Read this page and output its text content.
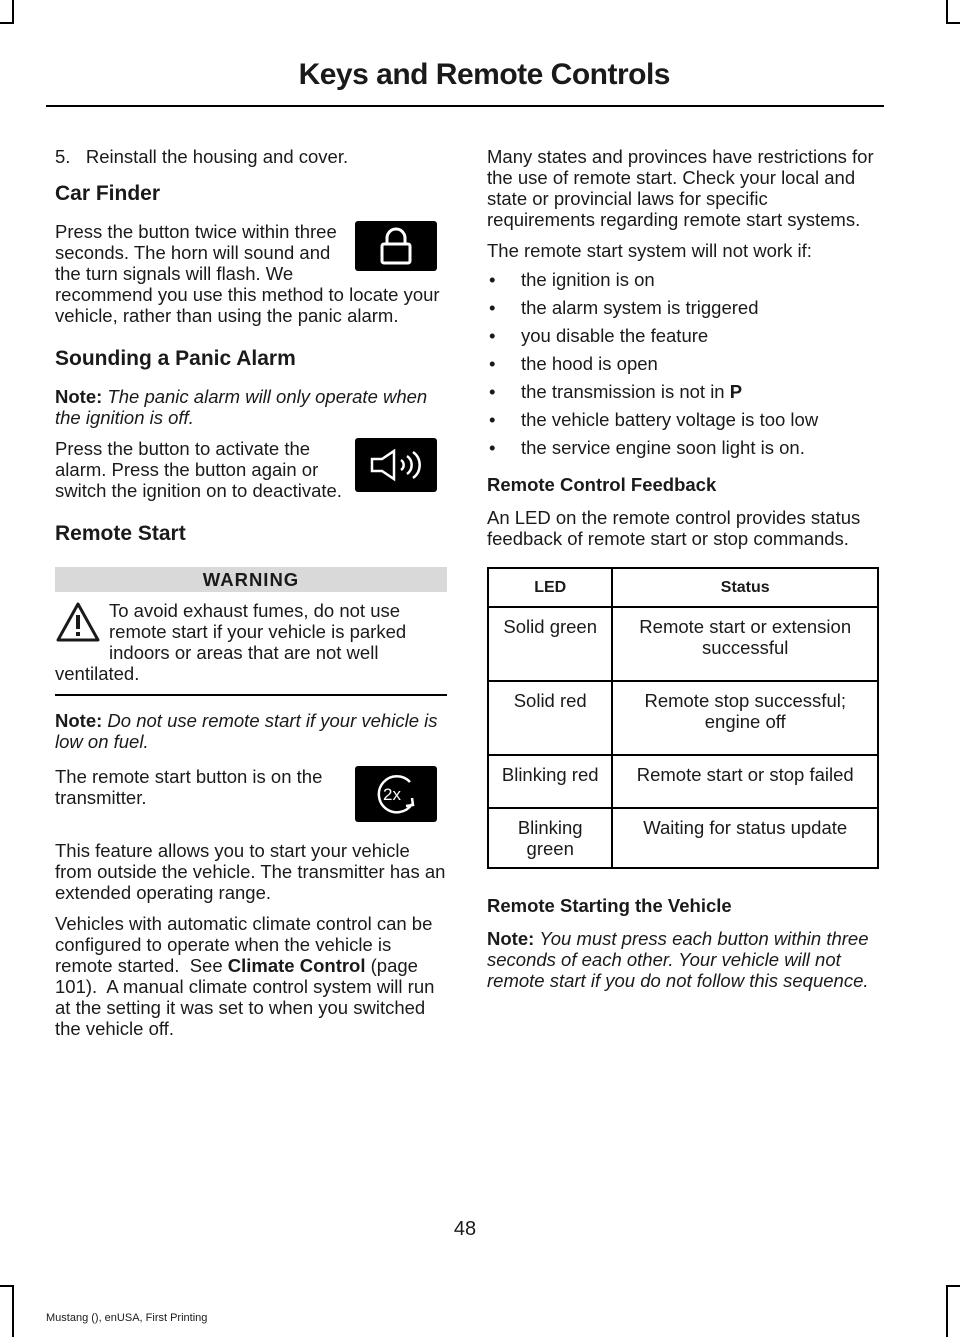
Keys and Remote Controls

5.   Reinstall the housing and cover.

Car Finder

Press the button twice within three seconds. The horn will sound and the turn signals will flash. We recommend you use this method to locate your vehicle, rather than using the panic alarm.

Sounding a Panic Alarm

Note: The panic alarm will only operate when the ignition is off.

Press the button to activate the alarm. Press the button again or switch the ignition on to deactivate.

Remote Start
WARNING

To avoid exhaust fumes, do not use remote start if your vehicle is parked indoors or areas that are not well ventilated.

Note: Do not use remote start if your vehicle is low on fuel.

2x

The remote start button is on the transmitter.

This feature allows you to start your vehicle from outside the vehicle. The transmitter has an extended operating range.

Vehicles with automatic climate control can be configured to operate when the vehicle is remote started.  See Climate Control (page 101).  A manual climate control system will run at the setting it was set to when you switched the vehicle off.

Many states and provinces have restrictions for the use of remote start. Check your local and state or provincial laws for specific requirements regarding remote start systems.

The remote start system will not work if:

• the ignition is on
• the alarm system is triggered
• you disable the feature
• the hood is open
• the transmission is not in P
• the vehicle battery voltage is too low
• the service engine soon light is on.
Remote Control Feedback

An LED on the remote control provides status feedback of remote start or stop commands.

LED	Status
Solid green	Remote start or extension successful
Solid red	Remote stop successful; engine off
Blinking red	Remote start or stop failed
Blinking green	Waiting for status update
Remote Starting the Vehicle

Note: You must press each button within three seconds of each other. Your vehicle will not remote start if you do not follow this sequence.

48
Mustang (), enUSA, First Printing
